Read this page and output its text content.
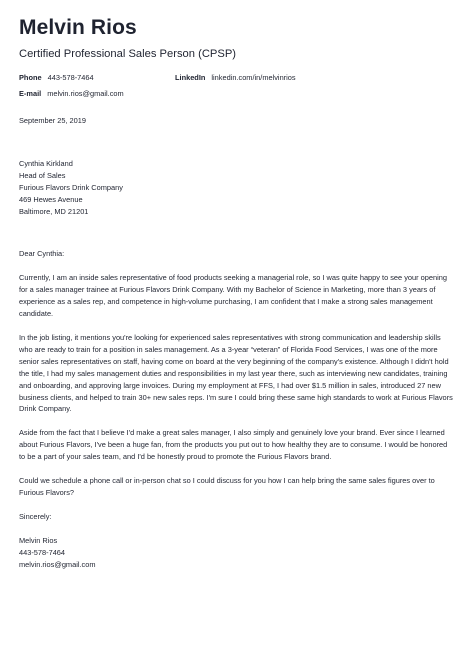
Melvin Rios
Certified Professional Sales Person (CPSP)
Phone 443-578-7464	LinkedIn linkedin.com/in/melvinrios
E-mail melvin.rios@gmail.com
September 25, 2019
Cynthia Kirkland
Head of Sales
Furious Flavors Drink Company
469 Hewes Avenue
Baltimore, MD 21201
Dear Cynthia:
Currently, I am an inside sales representative of food products seeking a managerial role, so I was quite happy to see your opening for a sales manager trainee at Furious Flavors Drink Company. With my Bachelor of Science in Marketing, more than 3 years of experience as a sales rep, and competence in high-volume purchasing, I am confident that I make a strong sales management candidate.
In the job listing, it mentions you're looking for experienced sales representatives with strong communication and leadership skills who are ready to train for a position in sales management. As a 3-year “veteran” of Florida Food Services, I was one of the more senior sales representatives on staff, having come on board at the very beginning of the company's existence. Although I didn't hold the title, I had my sales management duties and responsibilities in my last year there, such as interviewing new candidates, training and onboarding, and approving large invoices. During my employment at FFS, I had over $1.5 million in sales, introduced 27 new business clients, and helped to train 30+ new sales reps. I'm sure I could bring these same high standards to work at Furious Flavors Drink Company.
Aside from the fact that I believe I'd make a great sales manager, I also simply and genuinely love your brand. Ever since I learned about Furious Flavors, I've been a huge fan, from the products you put out to how healthy they are to consume. I would be honored to be a part of your sales team, and I'd be honestly proud to promote the Furious Flavors brand.
Could we schedule a phone call or in-person chat so I could discuss for you how I can help bring the same sales figures over to Furious Flavors?
Sincerely:
Melvin Rios
443-578-7464
melvin.rios@gmail.com
